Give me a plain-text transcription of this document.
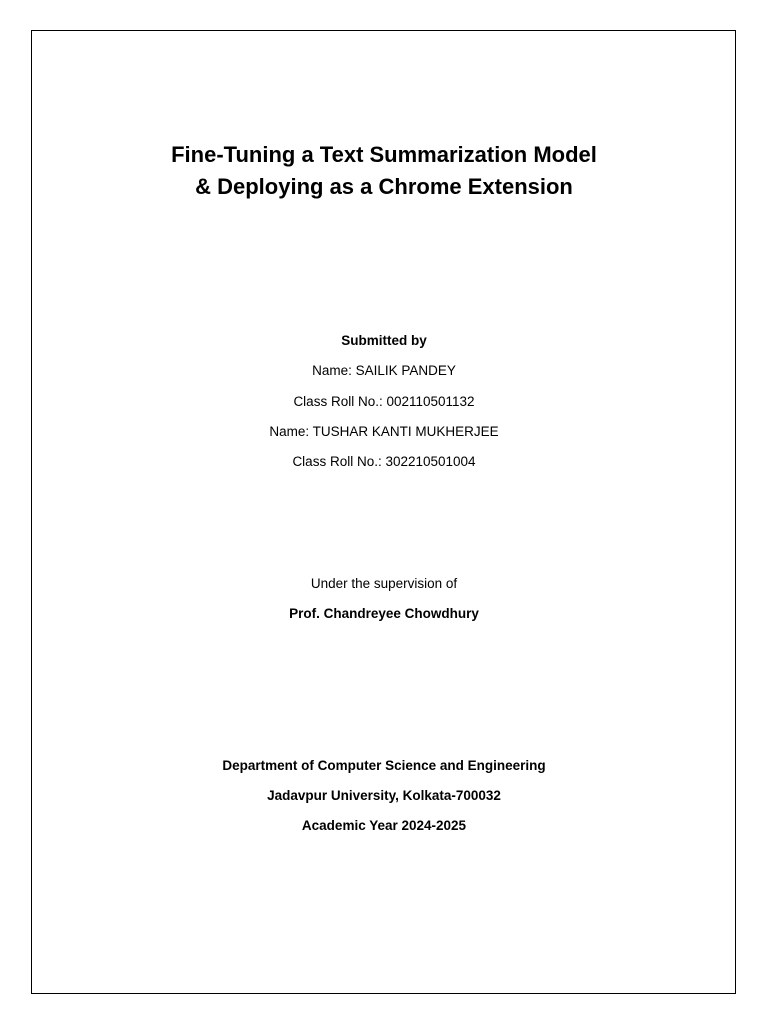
Fine-Tuning a Text Summarization Model
& Deploying as a Chrome Extension

Submitted by

Name: SAILIK PANDEY

Class Roll No.: 002110501132

Name: TUSHAR KANTI MUKHERJEE

Class Roll No.: 302210501004

Under the supervision of

Prof. Chandreyee Chowdhury

Department of Computer Science and Engineering

Jadavpur University, Kolkata-700032

Academic Year 2024-2025
